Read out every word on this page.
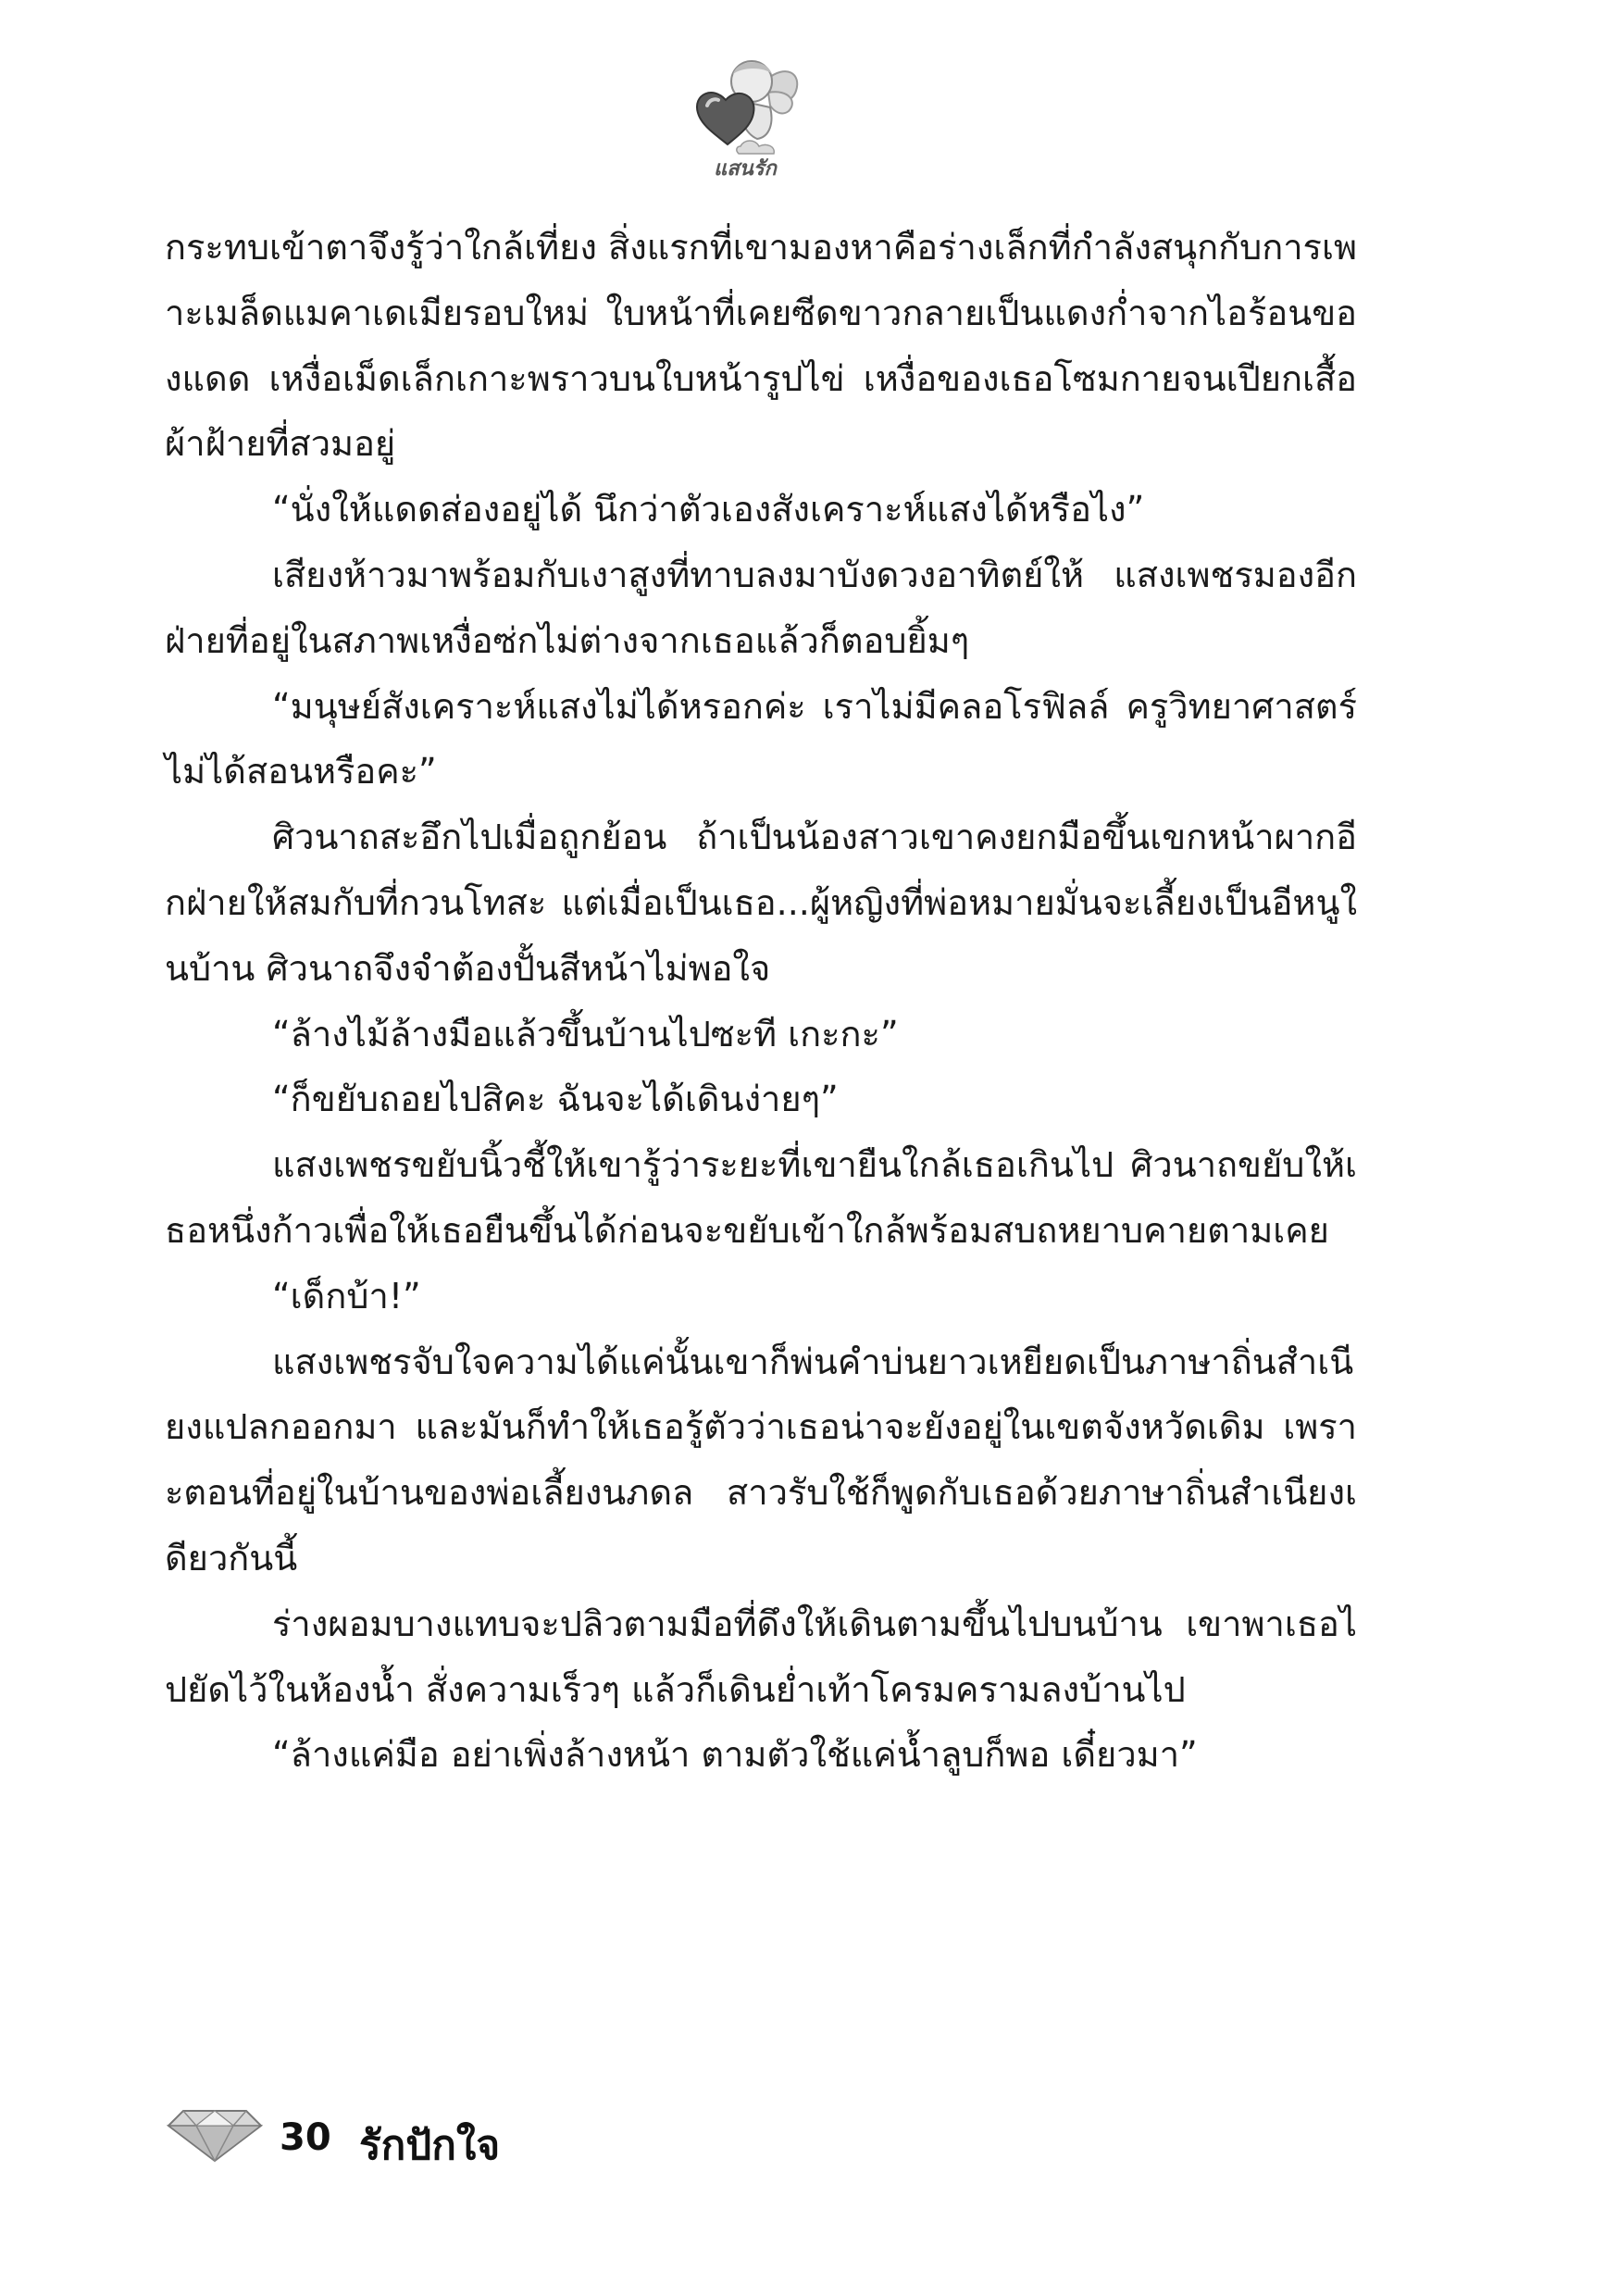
แสนรัก

กระทบเข้าตาจึงรู้ว่าใกล้เที่ยง สิ่งแรกที่เขามองหาคือร่างเล็กที่กำลังสนุกกับการเพาะเมล็ดแมคาเดเมียรอบใหม่ ใบหน้าที่เคยซีดขาวกลายเป็นแดงก่ำจากไอร้อนของแดด เหงื่อเม็ดเล็กเกาะพราวบนใบหน้ารูปไข่ เหงื่อของเธอโซมกายจนเปียกเสื้อผ้าฝ้ายที่สวมอยู่

“นั่งให้แดดส่องอยู่ได้ นึกว่าตัวเองสังเคราะห์แสงได้หรือไง”

เสียงห้าวมาพร้อมกับเงาสูงที่ทาบลงมาบังดวงอาทิตย์ให้ แสงเพชรมองอีกฝ่ายที่อยู่ในสภาพเหงื่อซ่กไม่ต่างจากเธอแล้วก็ตอบยิ้มๆ

“มนุษย์สังเคราะห์แสงไม่ได้หรอกค่ะ เราไม่มีคลอโรฟิลล์ ครูวิทยาศาสตร์ไม่ได้สอนหรือคะ”

ศิวนาถสะอึกไปเมื่อถูกย้อน ถ้าเป็นน้องสาวเขาคงยกมือขึ้นเขกหน้าผากอีกฝ่ายให้สมกับที่กวนโทสะ แต่เมื่อเป็นเธอ...ผู้หญิงที่พ่อหมายมั่นจะเลี้ยงเป็นอีหนูในบ้าน ศิวนาถจึงจำต้องปั้นสีหน้าไม่พอใจ

“ล้างไม้ล้างมือแล้วขึ้นบ้านไปซะที เกะกะ”

“ก็ขยับถอยไปสิคะ ฉันจะได้เดินง่ายๆ”

แสงเพชรขยับนิ้วชี้ให้เขารู้ว่าระยะที่เขายืนใกล้เธอเกินไป ศิวนาถขยับให้เธอหนึ่งก้าวเพื่อให้เธอยืนขึ้นได้ก่อนจะขยับเข้าใกล้พร้อมสบถหยาบคายตามเคย

“เด็กบ้า!”

แสงเพชรจับใจความได้แค่นั้นเขาก็พ่นคำบ่นยาวเหยียดเป็นภาษาถิ่นสำเนียงแปลกออกมา และมันก็ทำให้เธอรู้ตัวว่าเธอน่าจะยังอยู่ในเขตจังหวัดเดิม เพราะตอนที่อยู่ในบ้านของพ่อเลี้ยงนภดล สาวรับใช้ก็พูดกับเธอด้วยภาษาถิ่นสำเนียงเดียวกันนี้

ร่างผอมบางแทบจะปลิวตามมือที่ดึงให้เดินตามขึ้นไปบนบ้าน เขาพาเธอไปยัดไว้ในห้องน้ำ สั่งความเร็วๆ แล้วก็เดินย่ำเท้าโครมครามลงบ้านไป

“ล้างแค่มือ อย่าเพิ่งล้างหน้า ตามตัวใช้แค่น้ำลูบก็พอ เดี๋ยวมา”

30 รักปักใจ
